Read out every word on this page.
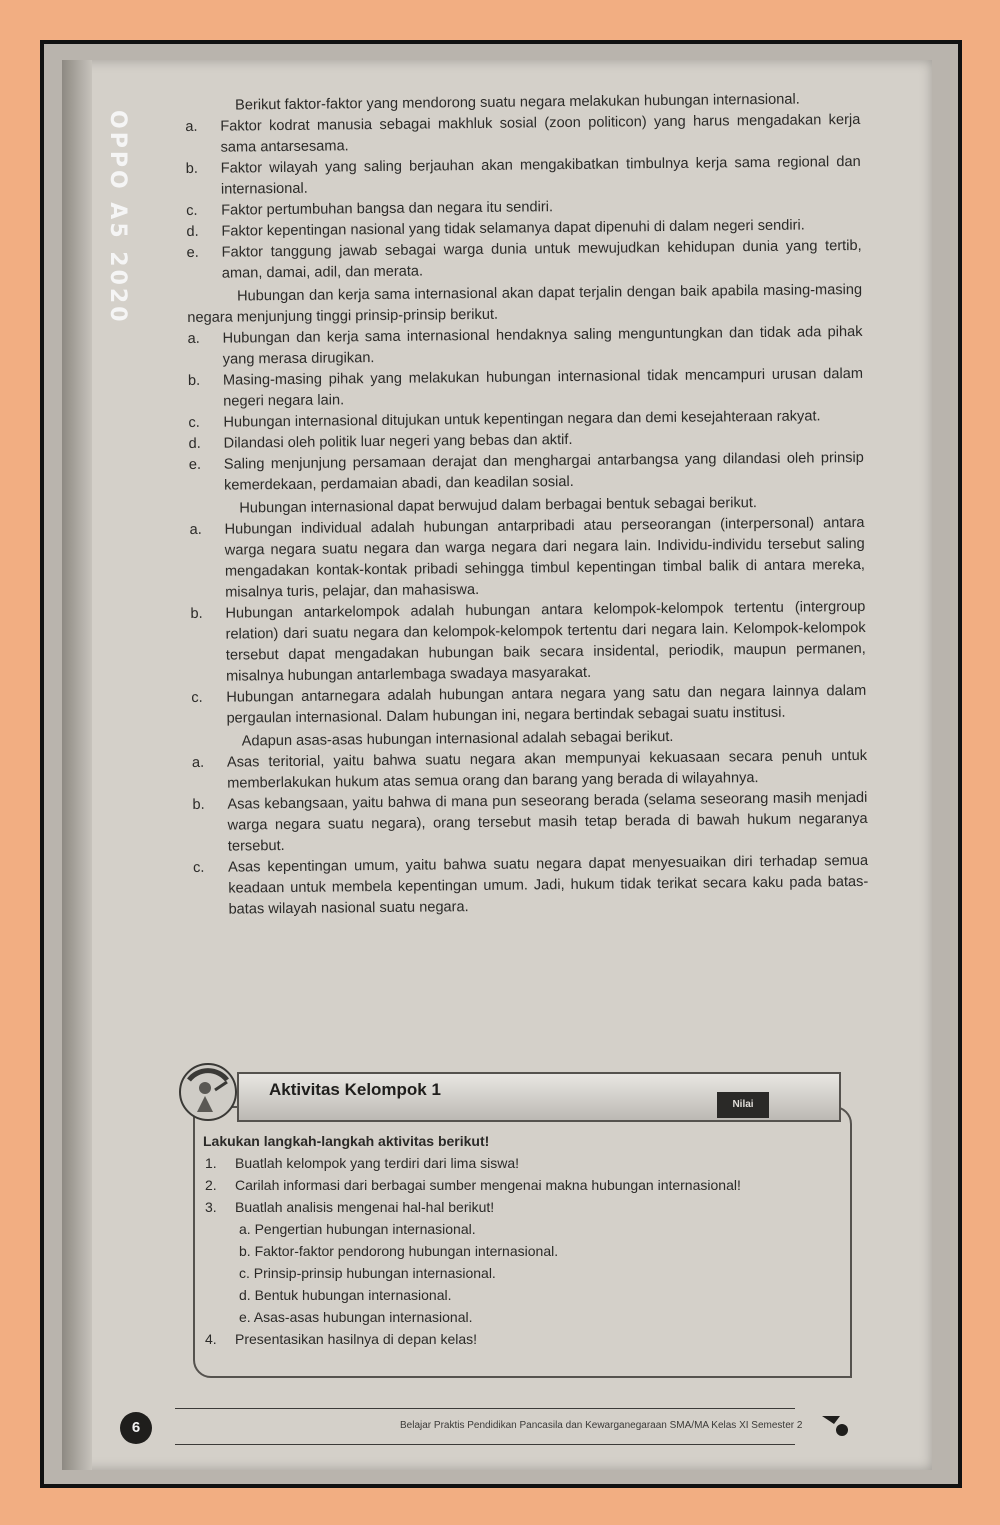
OPPO A5 2020

Berikut faktor-faktor yang mendorong suatu negara melakukan hubungan internasional.

a. Faktor kodrat manusia sebagai makhluk sosial (zoon politicon) yang harus mengadakan kerja sama antarsesama.
b. Faktor wilayah yang saling berjauhan akan mengakibatkan timbulnya kerja sama regional dan internasional.
c. Faktor pertumbuhan bangsa dan negara itu sendiri.
d. Faktor kepentingan nasional yang tidak selamanya dapat dipenuhi di dalam negeri sendiri.
e. Faktor tanggung jawab sebagai warga dunia untuk mewujudkan kehidupan dunia yang tertib, aman, damai, adil, dan merata.

Hubungan dan kerja sama internasional akan dapat terjalin dengan baik apabila masing-masing negara menjunjung tinggi prinsip-prinsip berikut.

a. Hubungan dan kerja sama internasional hendaknya saling menguntungkan dan tidak ada pihak yang merasa dirugikan.
b. Masing-masing pihak yang melakukan hubungan internasional tidak mencampuri urusan dalam negeri negara lain.
c. Hubungan internasional ditujukan untuk kepentingan negara dan demi kesejahteraan rakyat.
d. Dilandasi oleh politik luar negeri yang bebas dan aktif.
e. Saling menjunjung persamaan derajat dan menghargai antarbangsa yang dilandasi oleh prinsip kemerdekaan, perdamaian abadi, dan keadilan sosial.

Hubungan internasional dapat berwujud dalam berbagai bentuk sebagai berikut.

a. Hubungan individual adalah hubungan antarpribadi atau perseorangan (interpersonal) antara warga negara suatu negara dan warga negara dari negara lain. Individu-individu tersebut saling mengadakan kontak-kontak pribadi sehingga timbul kepentingan timbal balik di antara mereka, misalnya turis, pelajar, dan mahasiswa.
b. Hubungan antarkelompok adalah hubungan antara kelompok-kelompok tertentu (intergroup relation) dari suatu negara dan kelompok-kelompok tertentu dari negara lain. Kelompok-kelompok tersebut dapat mengadakan hubungan baik secara insidental, periodik, maupun permanen, misalnya hubungan antarlembaga swadaya masyarakat.
c. Hubungan antarnegara adalah hubungan antara negara yang satu dan negara lainnya dalam pergaulan internasional. Dalam hubungan ini, negara bertindak sebagai suatu institusi.

Adapun asas-asas hubungan internasional adalah sebagai berikut.

a. Asas teritorial, yaitu bahwa suatu negara akan mempunyai kekuasaan secara penuh untuk memberlakukan hukum atas semua orang dan barang yang berada di wilayahnya.
b. Asas kebangsaan, yaitu bahwa di mana pun seseorang berada (selama seseorang masih menjadi warga negara suatu negara), orang tersebut masih tetap berada di bawah hukum negaranya tersebut.
c. Asas kepentingan umum, yaitu bahwa suatu negara dapat menyesuaikan diri terhadap semua keadaan untuk membela kepentingan umum. Jadi, hukum tidak terikat secara kaku pada batas-batas wilayah nasional suatu negara.
Aktivitas Kelompok 1
Nilai
Lakukan langkah-langkah aktivitas berikut!
1. Buatlah kelompok yang terdiri dari lima siswa!
2. Carilah informasi dari berbagai sumber mengenai makna hubungan internasional!
3. Buatlah analisis mengenai hal-hal berikut!
a. Pengertian hubungan internasional.
b. Faktor-faktor pendorong hubungan internasional.
c. Prinsip-prinsip hubungan internasional.
d. Bentuk hubungan internasional.
e. Asas-asas hubungan internasional.
4. Presentasikan hasilnya di depan kelas!
6	Belajar Praktis Pendidikan Pancasila dan Kewarganegaraan SMA/MA Kelas XI Semester 2
